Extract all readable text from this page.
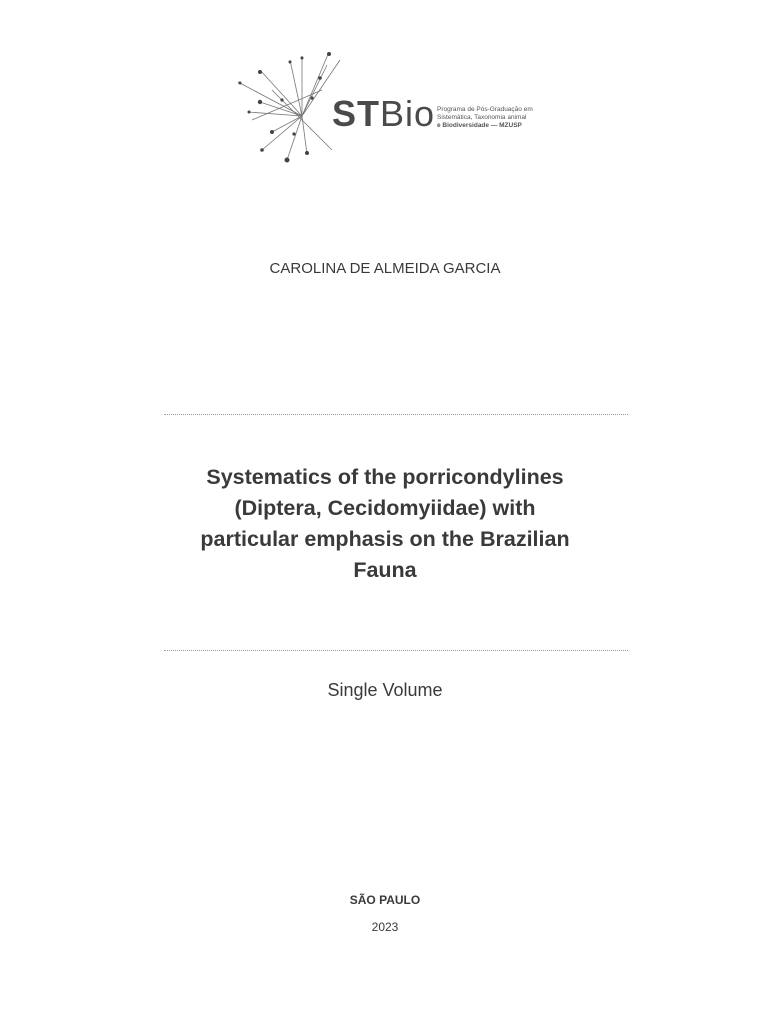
STBio Programa de Pós-Graduação em
Sistemática, Taxonomia animal
e Biodiversidade — MZUSP
CAROLINA DE ALMEIDA GARCIA
Systematics of the porricondylines
(Diptera, Cecidomyiidae) with
particular emphasis on the Brazilian
Fauna
Single Volume
SÃO PAULO
2023
